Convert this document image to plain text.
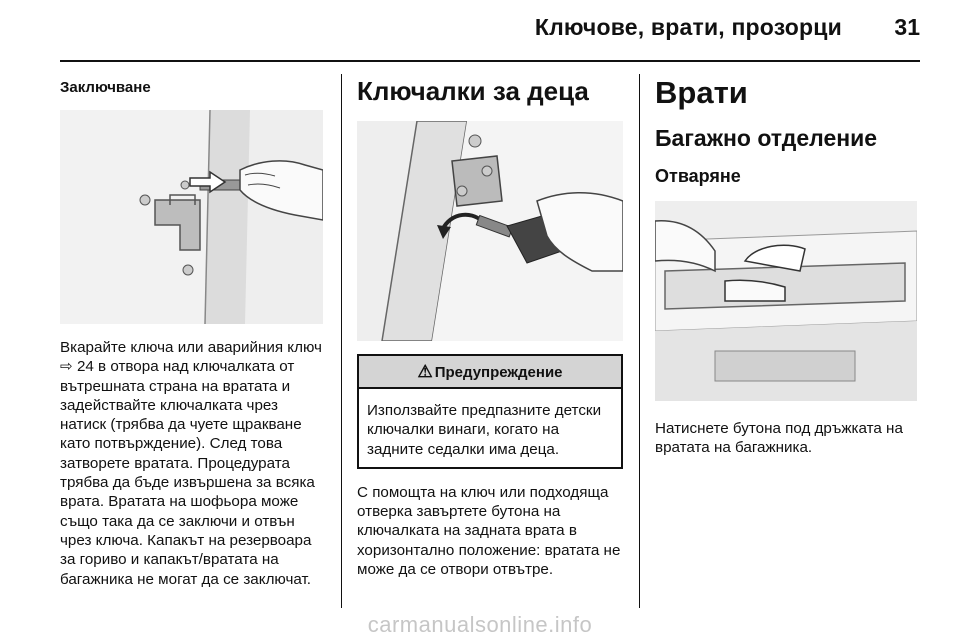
Ключове, врати, прозорци 31
Заключване
Вкарайте ключа или аварийния ключ ⇨ 24 в отвора над ключалката от вътрешната страна на вратата и задействайте ключалката чрез натиск (трябва да чуете щракване като потвърждение). След това затворете вратата. Процедурата трябва да бъде извършена за всяка врата. Вратата на шофьора може също така да се заключи и отвън чрез ключа. Капакът на резервоара за гориво и капакът/вратата на багажника не могат да се заключат.
Ключалки за деца
⚠ Предупреждение
Използвайте предпазните детски ключалки винаги, когато на задните седалки има деца.
С помощта на ключ или подходяща отверка завъртете бутона на ключалката на задната врата в хоризонтално положение: вратата не може да се отвори отвътре.
Врати
Багажно отделение
Отваряне
Натиснете бутона под дръжката на вратата на багажника.
carmanualsonline.info
